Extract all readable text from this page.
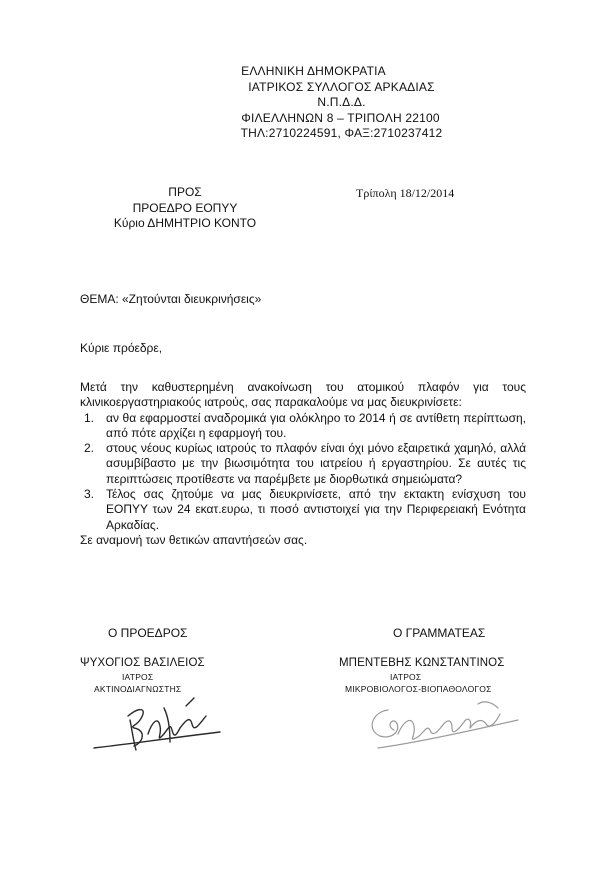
ΕΛΛΗΝΙΚΗ ΔΗΜΟΚΡΑΤΙΑ
ΙΑΤΡΙΚΟΣ ΣΥΛΛΟΓΟΣ ΑΡΚΑΔΙΑΣ
Ν.Π.Δ.Δ.
ΦΙΛΕΛΛΗΝΩΝ 8 – ΤΡΙΠΟΛΗ 22100
ΤΗΛ:2710224591, ΦΑΞ:2710237412
ΠΡΟΣ
ΠΡΟΕΔΡΟ ΕΟΠΥΥ
Κύριο ΔΗΜΗΤΡΙΟ ΚΟΝΤΟ
Τρίπολη 18/12/2014
ΘΕΜΑ: «Ζητούνται διευκρινήσεις»
Κύριε πρόεδρε,
Μετά την καθυστερημένη ανακοίνωση του ατομικού πλαφόν για τους
κλινικοεργαστηριακούς ιατρούς, σας παρακαλούμε να μας διευκρινίσετε:
1. αν θα εφαρμοστεί αναδρομικά για ολόκληρο το 2014 ή σε αντίθετη περίπτωση, από πότε αρχίζει η εφαρμογή του.
2. στους νέους κυρίως ιατρούς το πλαφόν είναι όχι μόνο εξαιρετικά χαμηλό, αλλά ασυμβίβαστο με την βιωσιμότητα του ιατρείου ή εργαστηρίου. Σε αυτές τις περιπτώσεις προτίθεστε να παρέμβετε με διορθωτικά σημειώματα?
3. Τέλος σας ζητούμε να μας διευκρινίσετε, από την εκτακτη ενίσχυση του ΕΟΠΥΥ των 24 εκατ.ευρω, τι ποσό αντιστοιχεί για την Περιφερειακή Ενότητα Αρκαδίας.
Σε αναμονή των θετικών απαντήσεών σας.
Ο ΠΡΟΕΔΡΟΣ
ΨΥΧΟΓΙΟΣ ΒΑΣΙΛΕΙΟΣ
ΙΑΤΡΟΣ
ΑΚΤΙΝΟΔΙΑΓΝΩΣΤΗΣ
Ο ΓΡΑΜΜΑΤΕΑΣ
ΜΠΕΝΤΕΒΗΣ ΚΩΝΣΤΑΝΤΙΝΟΣ
ΙΑΤΡΟΣ
ΜΙΚΡΟΒΙΟΛΟΓΟΣ-ΒΙΟΠΑΘΟΛΟΓΟΣ
